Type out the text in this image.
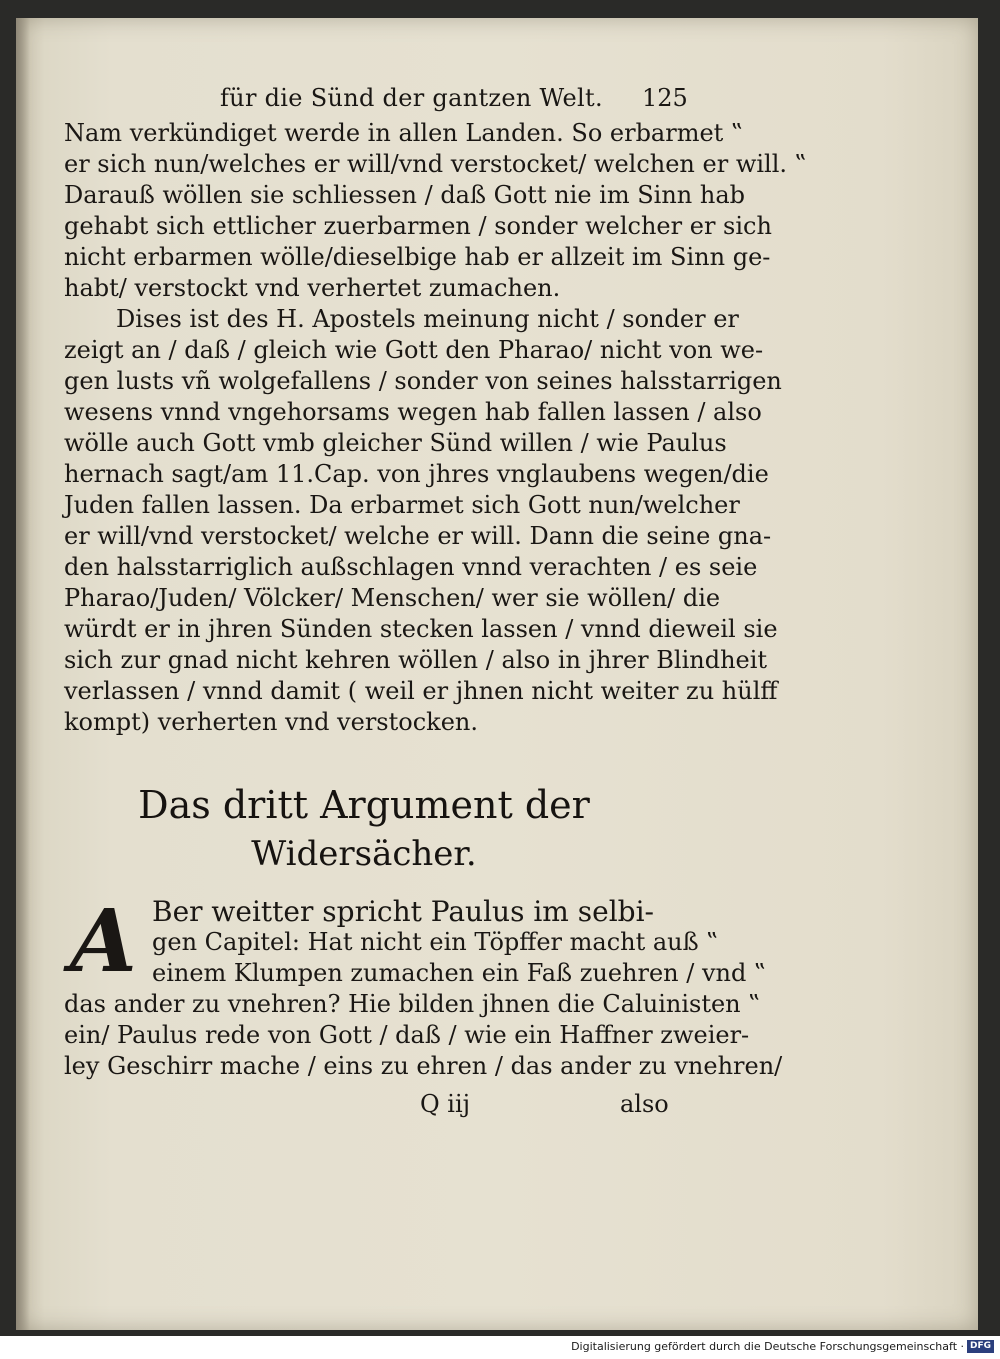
für die Sünd der gantzen Welt. 125
Nam verkündiget werde in allen Landen. So erbarmet ‟
er sich nun/welches er will/vnd verstocket/ welchen er will. ‟
Darauß wöllen sie schliessen / daß Gott nie im Sinn hab
gehabt sich ettlicher zuerbarmen / sonder welcher er sich
nicht erbarmen wölle/dieselbige hab er allzeit im Sinn ge-
habt/ verstockt vnd verhertet zumachen.
Dises ist des H. Apostels meinung nicht / sonder er
zeigt an / daß / gleich wie Gott den Pharao/ nicht von we-
gen lusts vñ wolgefallens / sonder von seines halsstarrigen
wesens vnnd vngehorsams wegen hab fallen lassen / also
wölle auch Gott vmb gleicher Sünd willen / wie Paulus
hernach sagt/am 11.Cap. von jhres vnglaubens wegen/die
Juden fallen lassen. Da erbarmet sich Gott nun/welcher
er will/vnd verstocket/ welche er will. Dann die seine gna-
den halsstarriglich außschlagen vnnd verachten / es seie
Pharao/Juden/ Völcker/ Menschen/ wer sie wöllen/ die
würdt er in jhren Sünden stecken lassen / vnnd dieweil sie
sich zur gnad nicht kehren wöllen / also in jhrer Blindheit
verlassen / vnnd damit ( weil er jhnen nicht weiter zu hülff
kompt) verherten vnd verstocken.
Das dritt Argument der
Widersächer.
A Ber weitter spricht Paulus im selbi-
gen Capitel: Hat nicht ein Töpffer macht auß ‟
einem Klumpen zumachen ein Faß zuehren / vnd ‟
das ander zu vnehren? Hie bilden jhnen die Caluinisten ‟
ein/ Paulus rede von Gott / daß / wie ein Haffner zweier-
ley Geschirr mache / eins zu ehren / das ander zu vnehren/
Q iij	also
Digitalisierung gefördert durch die Deutsche Forschungsgemeinschaft · DFG
